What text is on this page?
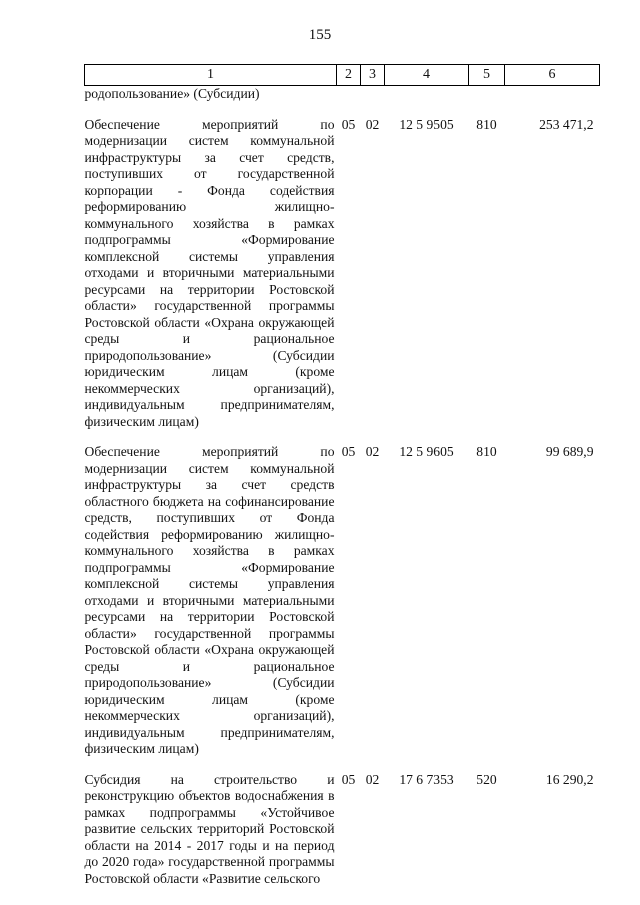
155
1	2	3	4	5	6
родопользование» (Субсидии)					

Обеспечение мероприятий по модернизации систем коммунальной инфраструктуры за счет средств, поступивших от государственной корпорации - Фонда содействия реформированию жилищно-коммунального хозяйства в рамках подпрограммы «Формирование комплексной системы управления отходами и вторичными материальными ресурсами на территории Ростовской области» государственной программы Ростовской области «Охрана окружающей среды и рациональное природопользование» (Субсидии юридическим лицам (кроме некоммерческих организаций), индивидуальным предпринимателям, физическим лицам)	05	02	12 5 9505	810	253 471,2

Обеспечение мероприятий по модернизации систем коммунальной инфраструктуры за счет средств областного бюджета на софинансирование средств, поступивших от Фонда содействия реформированию жилищно-коммунального хозяйства в рамках подпрограммы «Формирование комплексной системы управления отходами и вторичными материальными ресурсами на территории Ростовской области» государственной программы Ростовской области «Охрана окружающей среды и рациональное природопользование» (Субсидии юридическим лицам (кроме некоммерческих организаций), индивидуальным предпринимателям, физическим лицам)	05	02	12 5 9605	810	99 689,9

Субсидия на строительство и реконструкцию объектов водоснабжения в рамках подпрограммы «Устойчивое развитие сельских территорий Ростовской области на 2014 - 2017 годы и на период до 2020 года» государственной программы Ростовской области «Развитие сельского	05	02	17 6 7353	520	16 290,2
